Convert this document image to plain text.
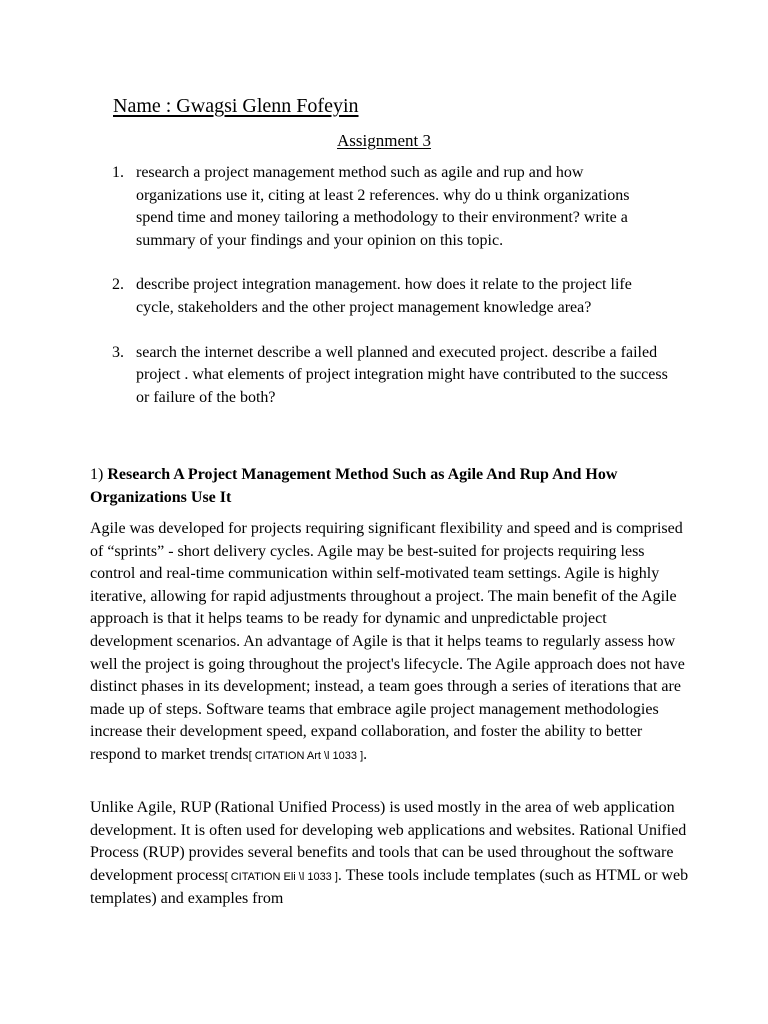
Name : Gwagsi Glenn Fofeyin
Assignment 3
1. research a project management method such as agile and rup and how organizations use it, citing at least 2 references. why do u think organizations spend time and money tailoring a methodology to their environment? write a summary of your findings and your opinion on this topic.
2. describe project integration management. how does it relate to the project life cycle, stakeholders and the other project management knowledge area?
3. search the internet describe a well planned and executed project. describe a failed project . what elements of project integration might have contributed to the success or failure of the both?
1) Research A Project Management Method Such as Agile And Rup And How Organizations Use It

Agile was developed for projects requiring significant flexibility and speed and is comprised of “sprints” - short delivery cycles. Agile may be best-suited for projects requiring less control and real-time communication within self-motivated team settings. Agile is highly iterative, allowing for rapid adjustments throughout a project. The main benefit of the Agile approach is that it helps teams to be ready for dynamic and unpredictable project development scenarios. An advantage of Agile is that it helps teams to regularly assess how well the project is going throughout the project's lifecycle. The Agile approach does not have distinct phases in its development; instead, a team goes through a series of iterations that are made up of steps. Software teams that embrace agile project management methodologies increase their development speed, expand collaboration, and foster the ability to better respond to market trends[ CITATION Art \l 1033 ].

Unlike Agile, RUP (Rational Unified Process) is used mostly in the area of web application development. It is often used for developing web applications and websites. Rational Unified Process (RUP) provides several benefits and tools that can be used throughout the software development process[ CITATION Eli \l 1033 ]. These tools include templates (such as HTML or web templates) and examples from
